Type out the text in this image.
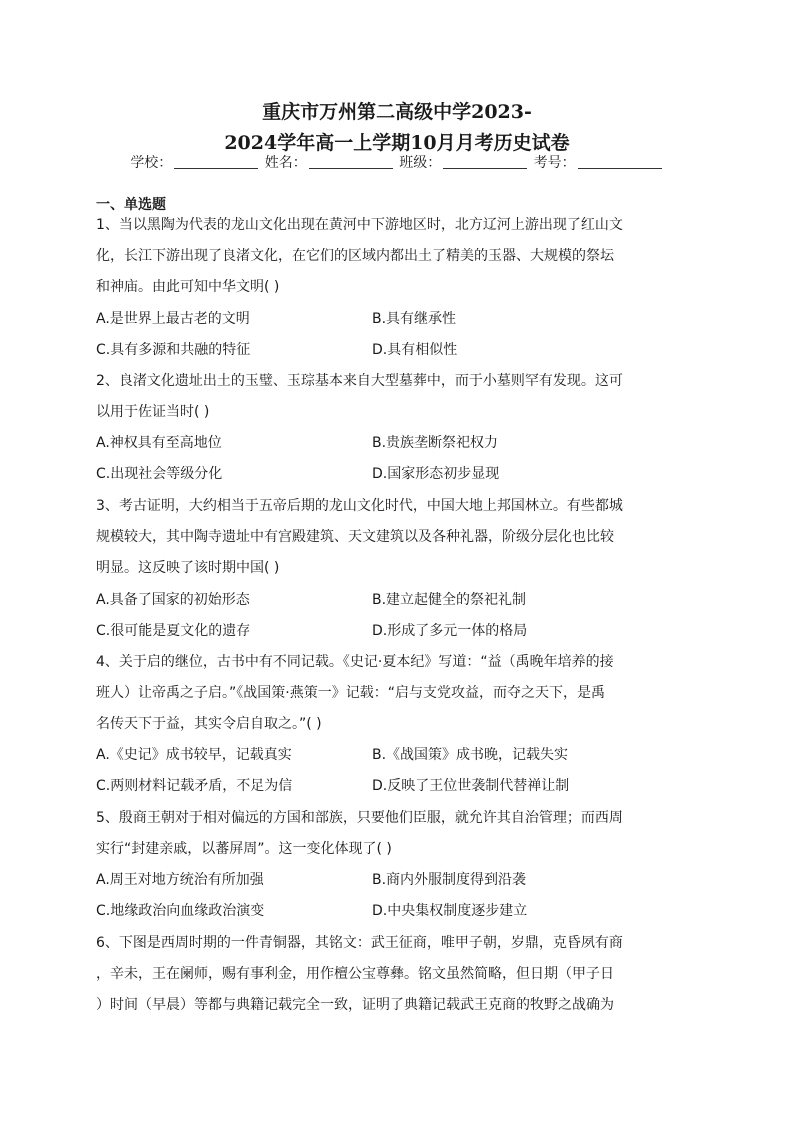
重庆市万州第二高级中学2023-
2024学年高一上学期10月月考历史试卷
学校：	姓名：	班级：	考号：
一、单选题
1、当以黑陶为代表的龙山文化出现在黄河中下游地区时，北方辽河上游出现了红山文
化，长江下游出现了良渚文化，在它们的区域内都出土了精美的玉器、大规模的祭坛
和神庙。由此可知中华文明( )
A.是世界上最古老的文明	B.具有继承性
C.具有多源和共融的特征	D.具有相似性
2、良渚文化遗址出土的玉璧、玉琮基本来自大型墓葬中，而于小墓则罕有发现。这可
以用于佐证当时( )
A.神权具有至高地位	B.贵族垄断祭祀权力
C.出现社会等级分化	D.国家形态初步显现
3、考古证明，大约相当于五帝后期的龙山文化时代，中国大地上邦国林立。有些都城
规模较大，其中陶寺遗址中有宫殿建筑、天文建筑以及各种礼器，阶级分层化也比较
明显。这反映了该时期中国( )
A.具备了国家的初始形态	B.建立起健全的祭祀礼制
C.很可能是夏文化的遗存	D.形成了多元一体的格局
4、关于启的继位，古书中有不同记载。《史记·夏本纪》写道：“益（禹晚年培养的接
班人）让帝禹之子启。”《战国策·燕策一》记载：“启与支党攻益，而夺之天下，是禹
名传天下于益，其实令启自取之。”( )
A.《史记》成书较早，记载真实	B.《战国策》成书晚，记载失实
C.两则材料记载矛盾，不足为信	D.反映了王位世袭制代替禅让制
5、殷商王朝对于相对偏远的方国和部族，只要他们臣服，就允许其自治管理；而西周
实行“封建亲戚，以蕃屏周”。这一变化体现了( )
A.周王对地方统治有所加强	B.商内外服制度得到沿袭
C.地缘政治向血缘政治演变	D.中央集权制度逐步建立
6、下图是西周时期的一件青铜器，其铭文：武王征商，唯甲子朝，岁鼎，克昏夙有商
，辛未，王在阑师，赐有事利金，用作檀公宝尊彝。铭文虽然简略，但日期（甲子日
）时间（早晨）等都与典籍记载完全一致，证明了典籍记载武王克商的牧野之战确为
